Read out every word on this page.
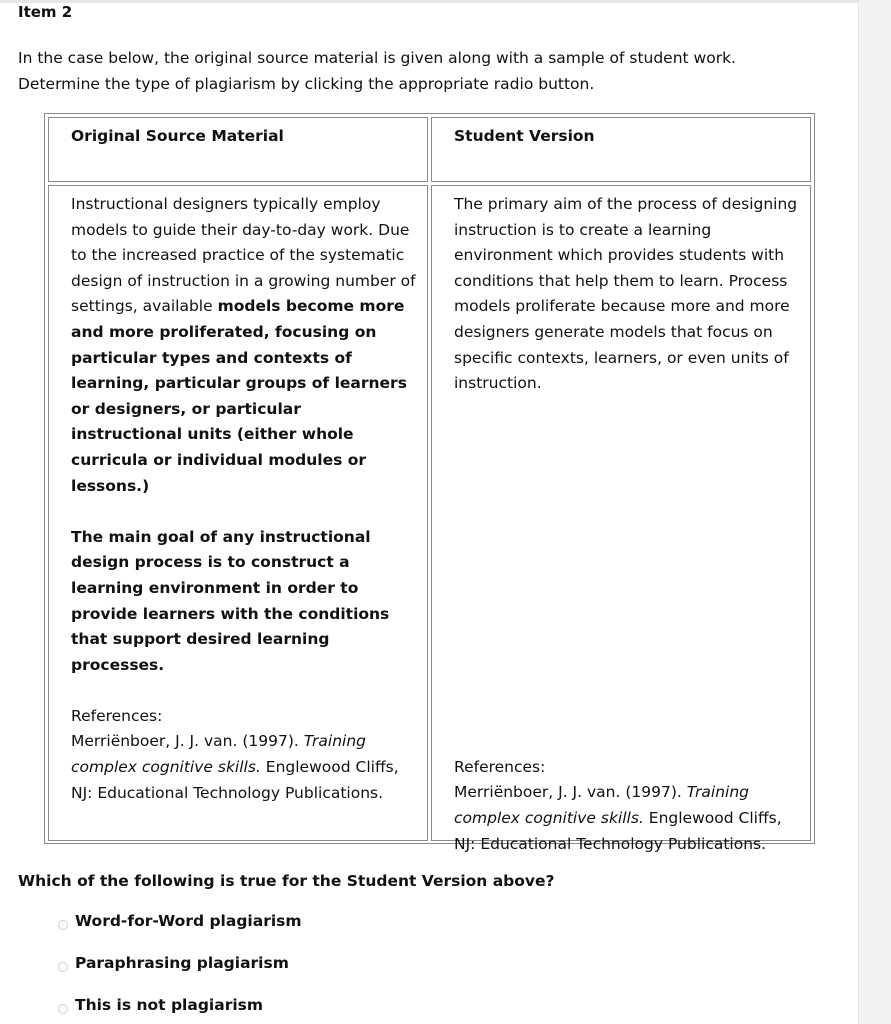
Item 2

In the case below, the original source material is given along with a sample of student work.

Determine the type of plagiarism by clicking the appropriate radio button.

Original Source Material	Student Version

Instructional designers typically employ models to guide their day-to-day work. Due to the increased practice of the systematic design of instruction in a growing number of settings, available models become more and more proliferated, focusing on particular types and contexts of learning, particular groups of learners or designers, or particular instructional units (either whole curricula or individual modules or lessons.)

The main goal of any instructional design process is to construct a learning environment in order to provide learners with the conditions that support desired learning processes.

References:
Merriënboer, J. J. van. (1997). Training complex cognitive skills. Englewood Cliffs, NJ: Educational Technology Publications.

The primary aim of the process of designing instruction is to create a learning environment which provides students with conditions that help them to learn. Process models proliferate because more and more designers generate models that focus on specific contexts, learners, or even units of instruction.

References:
Merriënboer, J. J. van. (1997). Training complex cognitive skills. Englewood Cliffs, NJ: Educational Technology Publications.
Which of the following is true for the Student Version above?
Word-for-Word plagiarism
Paraphrasing plagiarism
This is not plagiarism
